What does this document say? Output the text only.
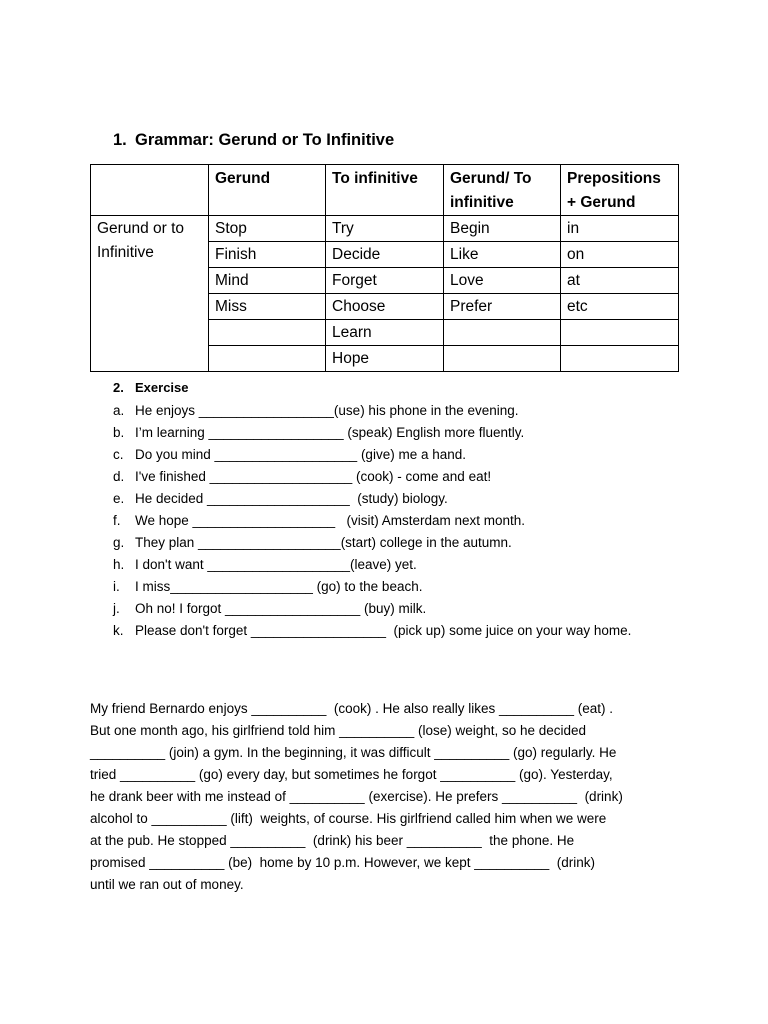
1. Grammar: Gerund or To Infinitive
	Gerund	To infinitive	Gerund/ To infinitive	Prepositions + Gerund
Gerund or to Infinitive	Stop	Try	Begin	in
	Finish	Decide	Like	on
	Mind	Forget	Love	at
	Miss	Choose	Prefer	etc
		Learn		
		Hope		
2. Exercise
a. He enjoys __________________(use) his phone in the evening.
b. I’m learning __________________ (speak) English more fluently.
c. Do you mind ___________________ (give) me a hand.
d. I've finished ___________________ (cook) - come and eat!
e. He decided ___________________  (study) biology.
f.	We hope ___________________   (visit) Amsterdam next month.
g. They plan ___________________(start) college in the autumn.
h. I don't want ___________________(leave) yet.
i.	I miss___________________ (go) to the beach.
j.	Oh no! I forgot __________________ (buy) milk.
k. Please don't forget __________________  (pick up) some juice on your way home.

My friend Bernardo enjoys __________  (cook) . He also really likes __________ (eat) .
But one month ago, his girlfriend told him __________ (lose) weight, so he decided
__________ (join) a gym. In the beginning, it was difficult __________ (go) regularly. He
tried __________ (go) every day, but sometimes he forgot __________ (go). Yesterday,
he drank beer with me instead of __________ (exercise). He prefers __________  (drink)
alcohol to __________ (lift)  weights, of course. His girlfriend called him when we were
at the pub. He stopped __________  (drink) his beer __________  the phone. He
promised __________ (be)  home by 10 p.m. However, we kept __________  (drink)
until we ran out of money.
